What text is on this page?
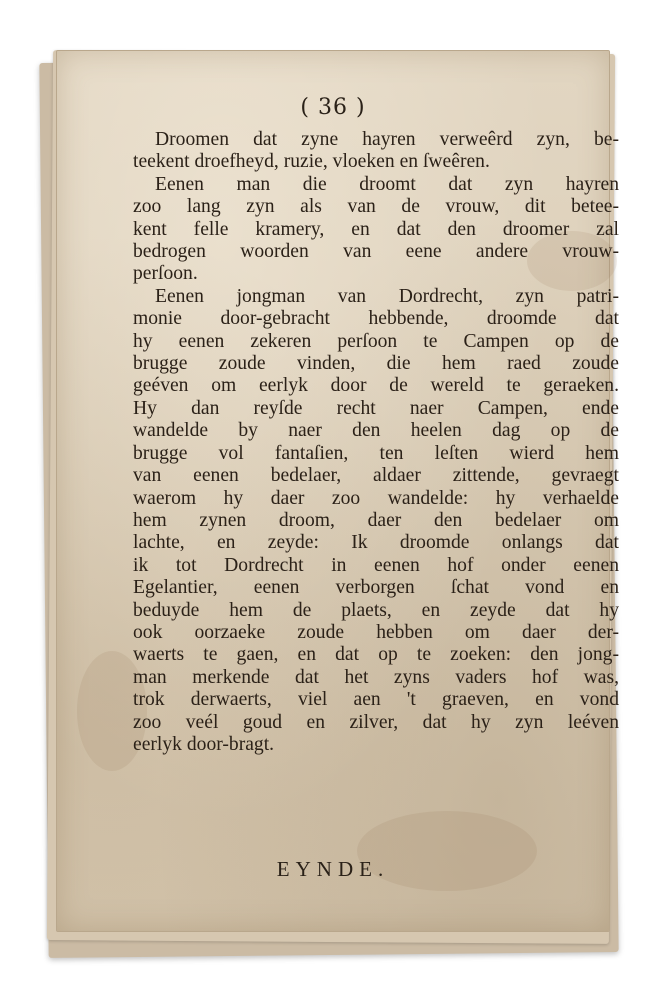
( 36 )
Droomen dat zyne hayren verweêrd zyn, be-
teekent droefheyd, ruzie, vloeken en ſweêren.
Eenen man die droomt dat zyn hayren
zoo lang zyn als van de vrouw, dit betee-
kent felle kramery, en dat den droomer zal
bedrogen woorden van eene andere vrouw-
perſoon.
Eenen jongman van Dordrecht, zyn patri-
monie door-gebracht hebbende, droomde dat
hy eenen zekeren perſoon te Campen op de
brugge zoude vinden, die hem raed zoude
geéven om eerlyk door de wereld te geraeken.
Hy dan reyſde recht naer Campen, ende
wandelde by naer den heelen dag op de
brugge vol fantaſien, ten leſten wierd hem
van eenen bedelaer, aldaer zittende, gevraegt
waerom hy daer zoo wandelde: hy verhaelde
hem zynen droom, daer den bedelaer om
lachte, en zeyde: Ik droomde onlangs dat
ik tot Dordrecht in eenen hof onder eenen
Egelantier, eenen verborgen ſchat vond en
beduyde hem de plaets, en zeyde dat hy
ook oorzaeke zoude hebben om daer der-
waerts te gaen, en dat op te zoeken: den jong-
man merkende dat het zyns vaders hof was,
trok derwaerts, viel aen 't graeven, en vond
zoo veél goud en zilver, dat hy zyn leéven
eerlyk door-bragt.
EYNDE.
